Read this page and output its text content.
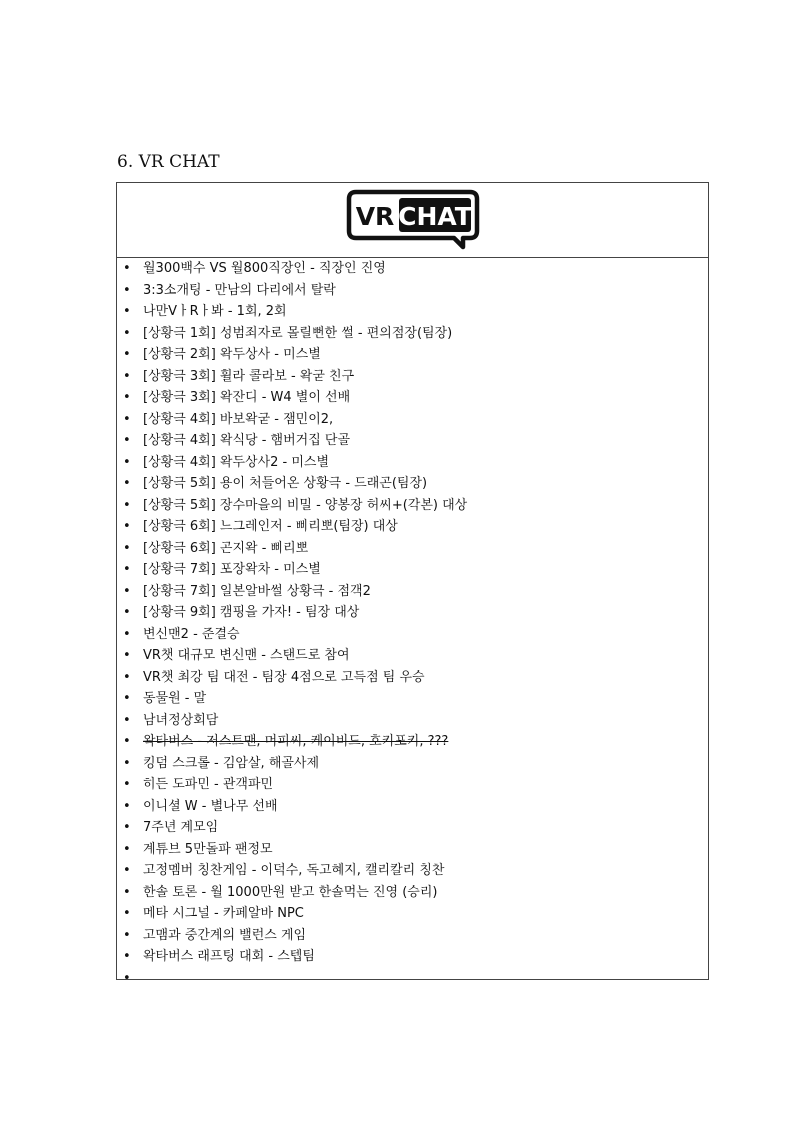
6. VR CHAT
VR CHAT
• 월300백수 VS 월800직장인 - 직장인 진영
• 3:3소개팅 - 만남의 다리에서 탈락
• 나만VㅏRㅏ봐 - 1회, 2회
• [상황극 1회] 성범죄자로 몰릴뻔한 썰 - 편의점장(팀장)
• [상황극 2회] 왁두상사 - 미스별
• [상황극 3회] 휠라 콜라보 - 왁굳 친구
• [상황극 3회] 왁잔디 - W4 별이 선배
• [상황극 4회] 바보왁굳 - 잼민이2,
• [상황극 4회] 왁식당 - 햄버거집 단골
• [상황극 4회] 왁두상사2 - 미스별
• [상황극 5회] 용이 처들어온 상황극 - 드래곤(팀장)
• [상황극 5회] 장수마을의 비밀 - 양봉장 허씨+(각본) 대상
• [상황극 6회] 느그레인저 - 삐리뽀(팀장) 대상
• [상황극 6회] 곤지왁 - 삐리뽀
• [상황극 7회] 포장왁차 - 미스별
• [상황극 7회] 일본알바썰 상황극 - 점객2
• [상황극 9회] 캠핑을 가자! - 팀장 대상
• 변신맨2 - 준결승
• VR챗 대규모 변신맨 - 스탠드로 참여
• VR챗 최강 팀 대전 - 팀장 4점으로 고득점 팀 우승
• 동물원 - 말
• 남녀정상회담
• 왁타버스 - 저스트맨, 머피씨, 케이비드, 호키포키, ???
• 킹덤 스크롤 - 김암살, 해골사제
• 히든 도파민 - 관객파민
• 이니셜 W - 별나무 선배
• 7주년 계모임
• 계튜브 5만돌파 팬정모
• 고정멤버 칭찬게임 - 이덕수, 독고혜지, 캘리칼리 칭찬
• 한솔 토론 - 월 1000만원 받고 한솔먹는 진영 (승리)
• 메타 시그널 - 카페알바 NPC
• 고맴과 중간계의 밸런스 게임
• 왁타버스 래프팅 대회 - 스텝팀
•
